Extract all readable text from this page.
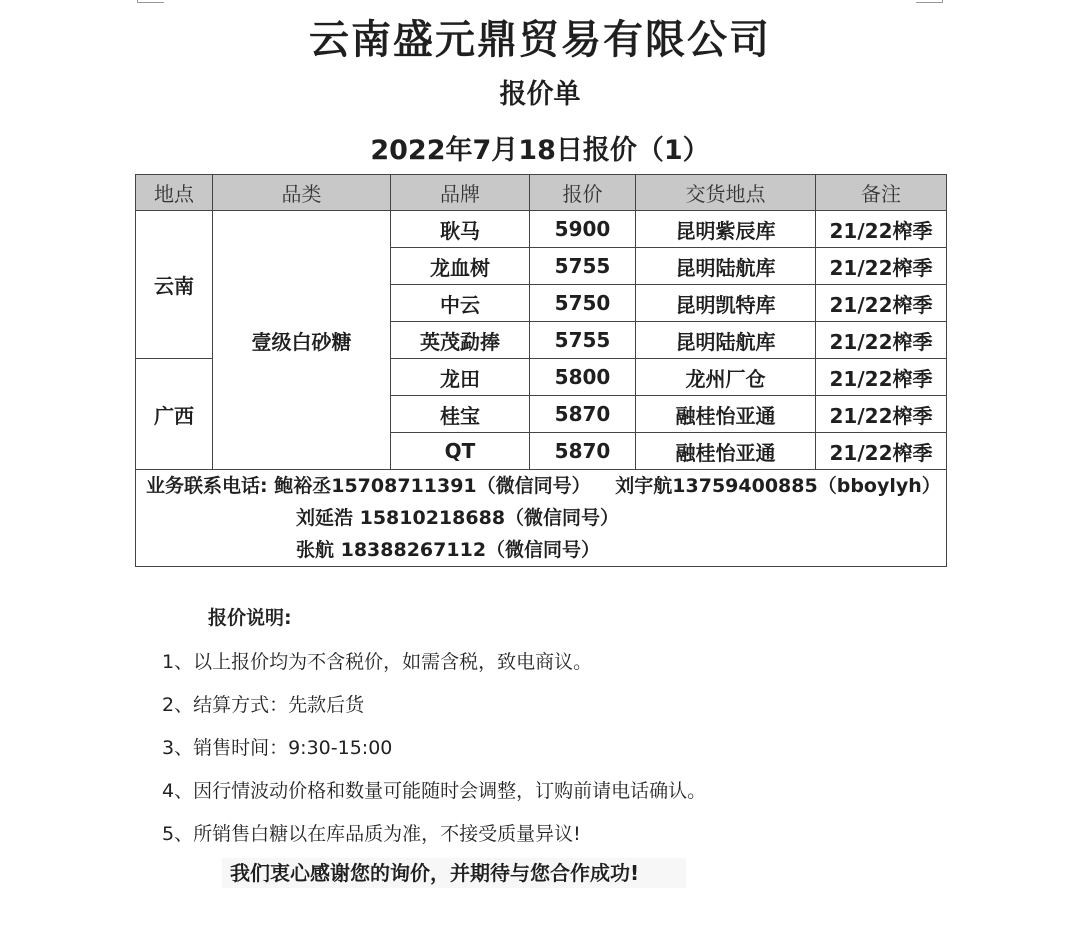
云南盛元鼎贸易有限公司
报价单
2022年7月18日报价（1）
地点	品类	品牌	报价	交货地点	备注
云南	壹级白砂糖	耿马	5900	昆明紫辰库	21/22榨季
		龙血树	5755	昆明陆航库	21/22榨季
		中云	5750	昆明凯特库	21/22榨季
		英茂勐捧	5755	昆明陆航库	21/22榨季
广西		龙田	5800	龙州厂仓	21/22榨季
		桂宝	5870	融桂怡亚通	21/22榨季
		QT	5870	融桂怡亚通	21/22榨季

业务联系电话: 鲍裕丞15708711391（微信同号） 刘宇航13759400885（bboylyh）
刘延浩 15810218688（微信同号） 张航 18388267112（微信同号）					
报价说明:
1、以上报价均为不含税价，如需含税，致电商议。
2、结算方式：先款后货
3、销售时间：9:30-15:00
4、因行情波动价格和数量可能随时会调整，订购前请电话确认。
5、所销售白糖以在库品质为准，不接受质量异议!
我们衷心感谢您的询价，并期待与您合作成功!
